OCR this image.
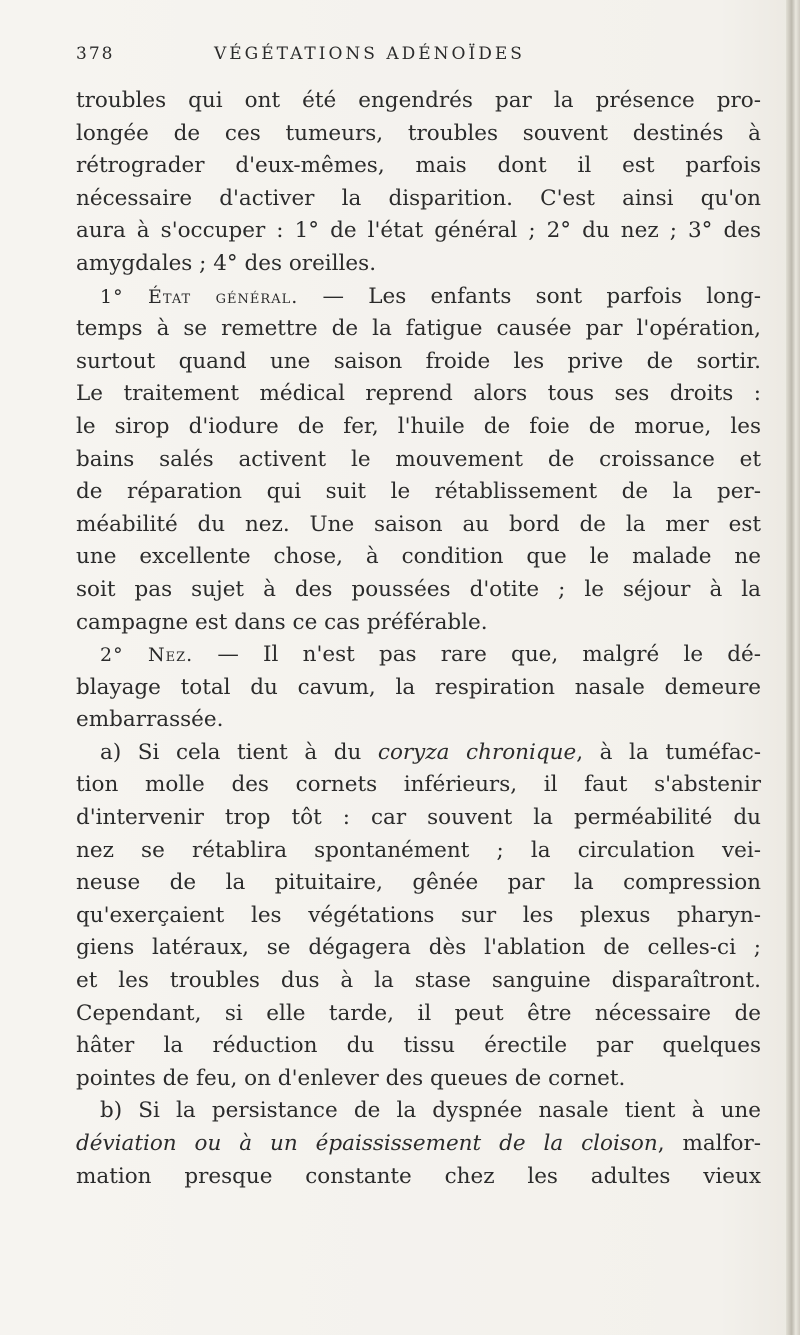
378	VÉGÉTATIONS ADÉNOÏDES
troubles qui ont été engendrés par la présence pro-
longée de ces tumeurs, troubles souvent destinés à
rétrograder d'eux-mêmes, mais dont il est parfois
nécessaire d'activer la disparition. C'est ainsi qu'on
aura à s'occuper : 1° de l'état général ; 2° du nez ; 3° des
amygdales ; 4° des oreilles.
1° État général. — Les enfants sont parfois long-
temps à se remettre de la fatigue causée par l'opération,
surtout quand une saison froide les prive de sortir.
Le traitement médical reprend alors tous ses droits :
le sirop d'iodure de fer, l'huile de foie de morue, les
bains salés activent le mouvement de croissance et
de réparation qui suit le rétablissement de la per-
méabilité du nez. Une saison au bord de la mer est
une excellente chose, à condition que le malade ne
soit pas sujet à des poussées d'otite ; le séjour à la
campagne est dans ce cas préférable.
2° Nez. — Il n'est pas rare que, malgré le dé-
blayage total du cavum, la respiration nasale demeure
embarrassée.
a) Si cela tient à du coryza chronique, à la tuméfac-
tion molle des cornets inférieurs, il faut s'abstenir
d'intervenir trop tôt : car souvent la perméabilité du
nez se rétablira spontanément ; la circulation vei-
neuse de la pituitaire, gênée par la compression
qu'exerçaient les végétations sur les plexus pharyn-
giens latéraux, se dégagera dès l'ablation de celles-ci ;
et les troubles dus à la stase sanguine disparaîtront.
Cependant, si elle tarde, il peut être nécessaire de
hâter la réduction du tissu érectile par quelques
pointes de feu, on d'enlever des queues de cornet.
b) Si la persistance de la dyspnée nasale tient à une
déviation ou à un épaississement de la cloison, malfor-
mation presque constante chez les adultes vieux
